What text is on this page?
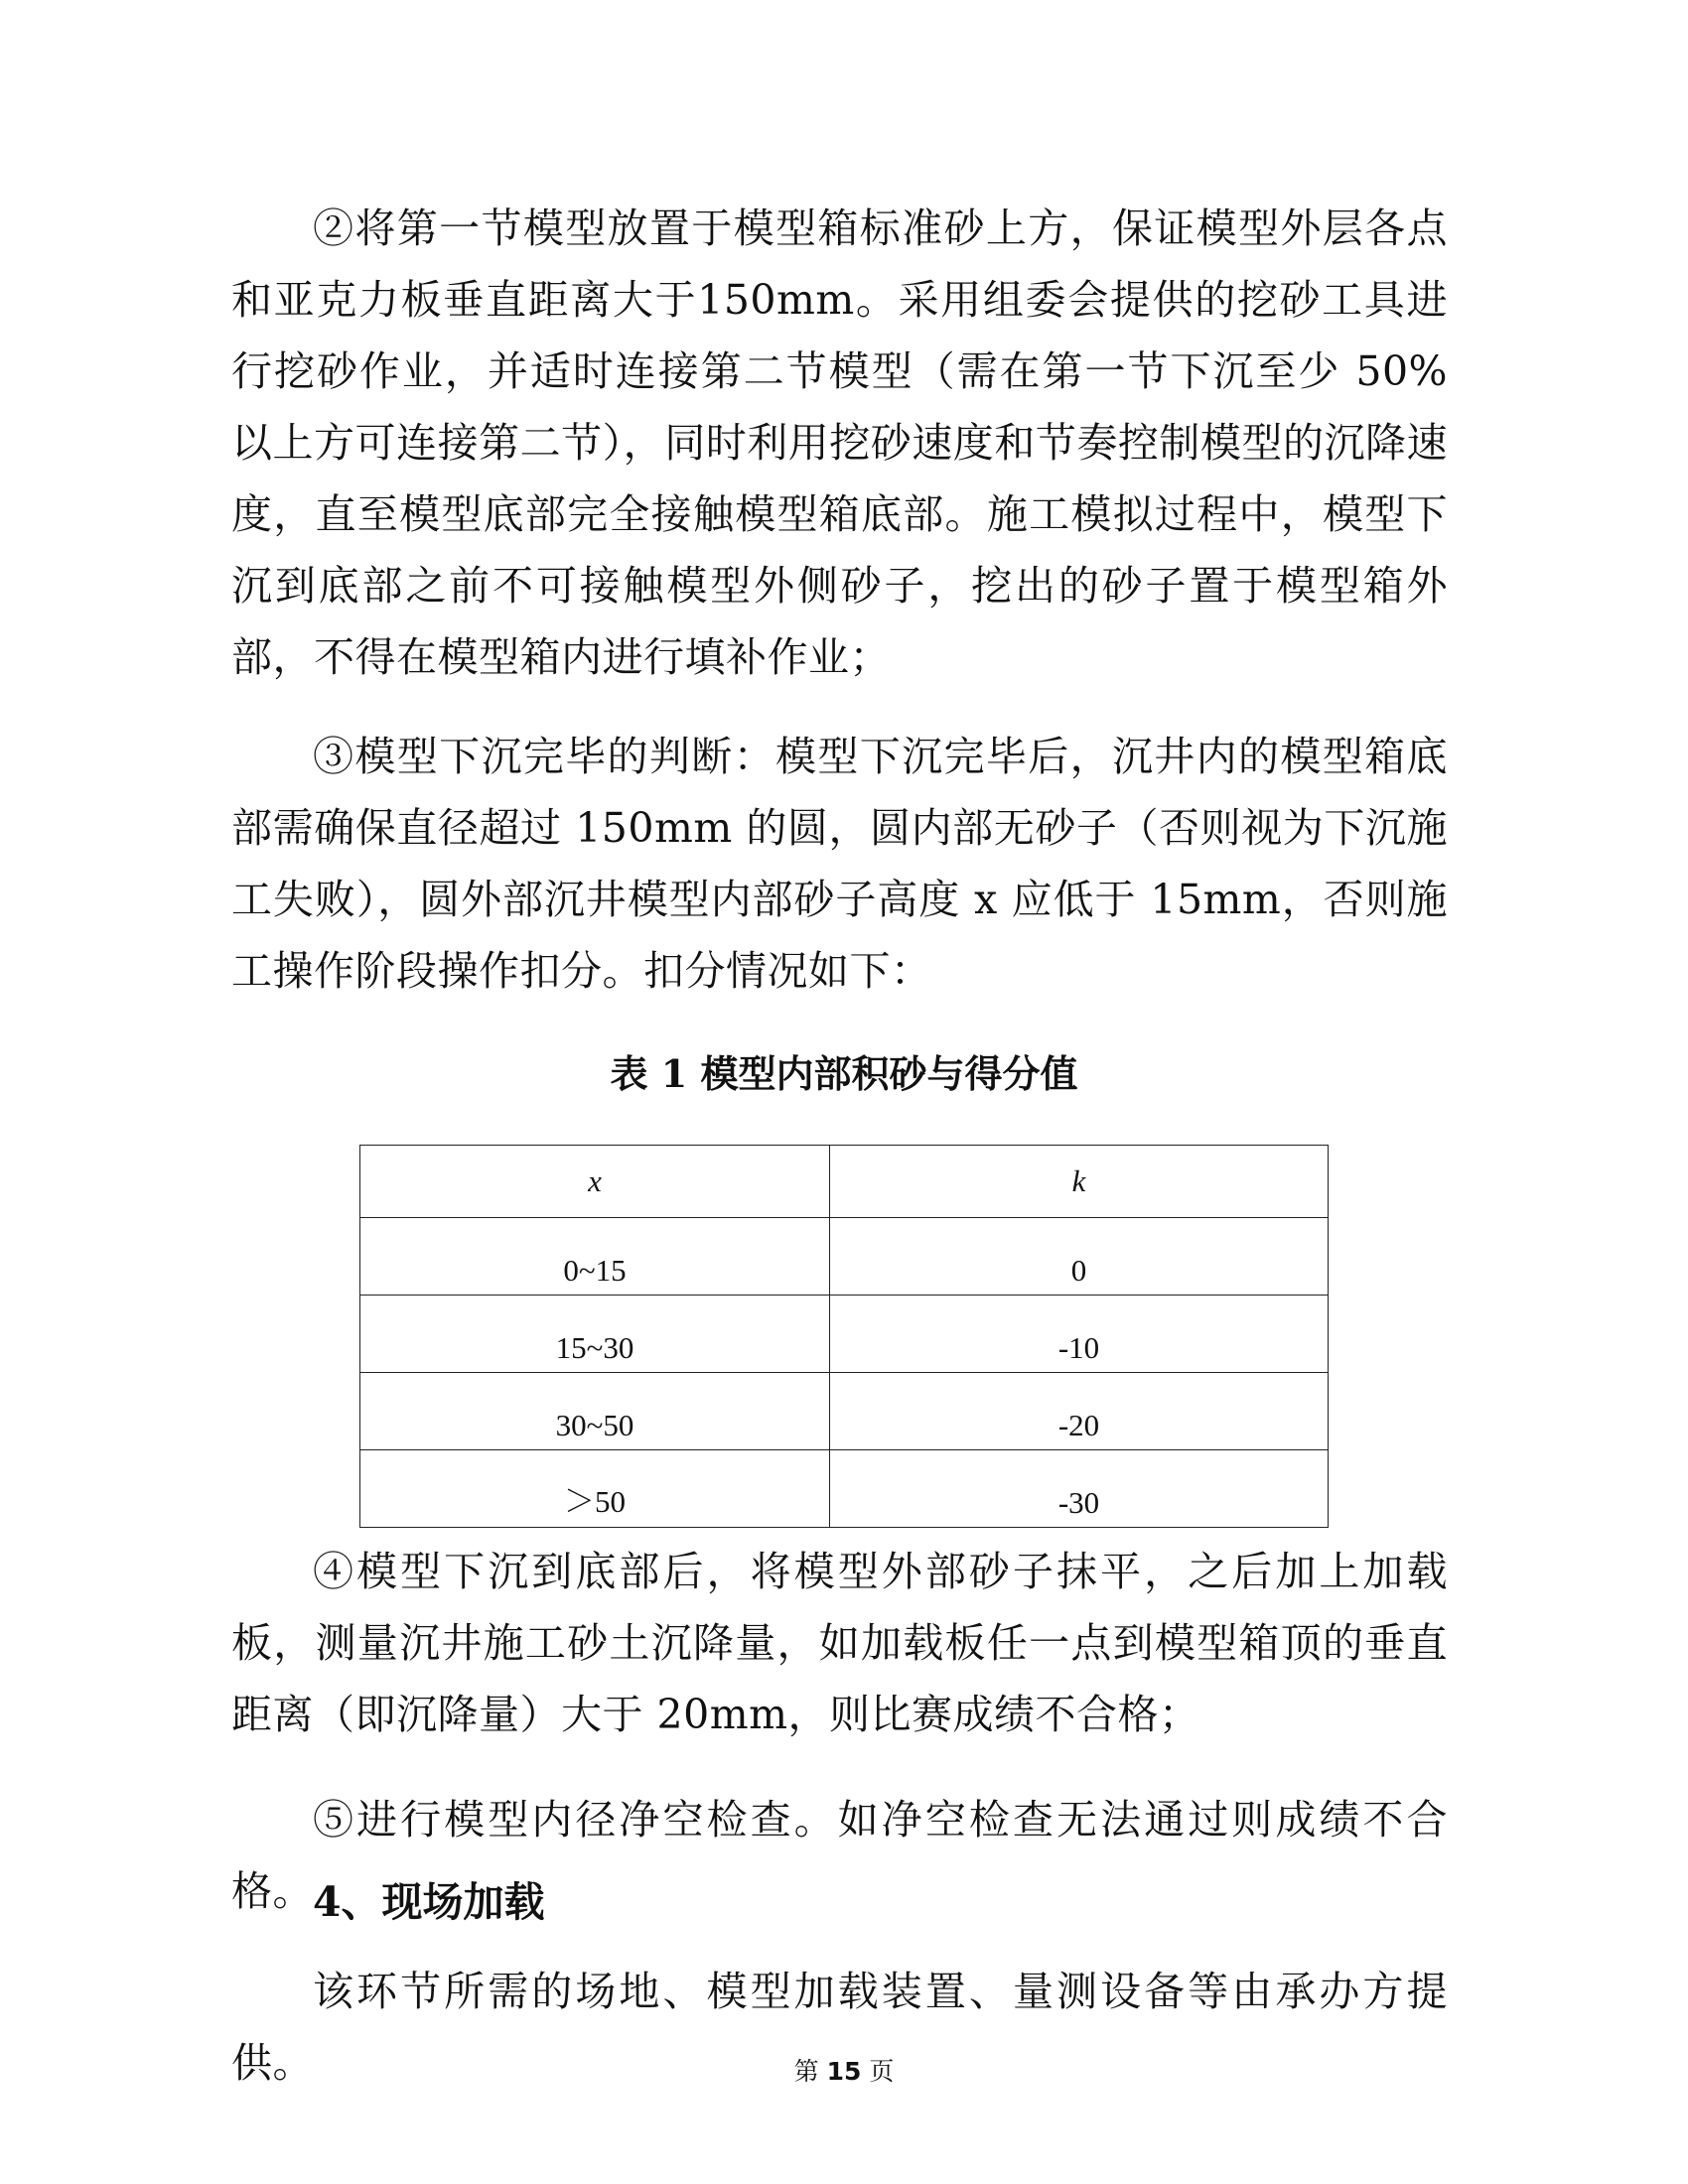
②将第一节模型放置于模型箱标准砂上方，保证模型外层各点和亚克力板垂直距离大于150mm。采用组委会提供的挖砂工具进行挖砂作业，并适时连接第二节模型（需在第一节下沉至少 50%以上方可连接第二节），同时利用挖砂速度和节奏控制模型的沉降速度，直至模型底部完全接触模型箱底部。施工模拟过程中，模型下沉到底部之前不可接触模型外侧砂子，挖出的砂子置于模型箱外部，不得在模型箱内进行填补作业；

③模型下沉完毕的判断：模型下沉完毕后，沉井内的模型箱底部需确保直径超过 150mm 的圆，圆内部无砂子（否则视为下沉施工失败），圆外部沉井模型内部砂子高度 x 应低于 15mm，否则施工操作阶段操作扣分。扣分情况如下：

表 1 模型内部积砂与得分值

x	k
0~15	0
15~30	-10
30~50	-20
＞50	-30

④模型下沉到底部后，将模型外部砂子抹平，之后加上加载板，测量沉井施工砂土沉降量，如加载板任一点到模型箱顶的垂直距离（即沉降量）大于 20mm，则比赛成绩不合格；

⑤进行模型内径净空检查。如净空检查无法通过则成绩不合格。 4、现场加载

该环节所需的场地、模型加载装置、量测设备等由承办方提供。	第 15 页
